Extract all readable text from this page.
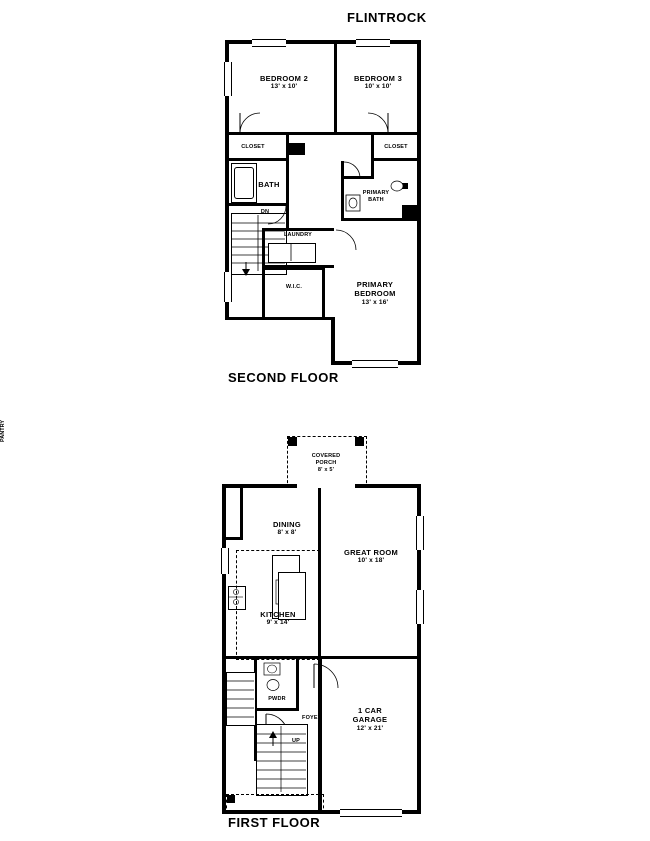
FLINTROCK
SECOND FLOOR
FIRST FLOOR
BEDROOM 2
13' x 10'
BEDROOM 3
10' x 10'
CLOSET	CLOSET
BATH
PRIMARY
BATH
DN
LAUNDRY
W.I.C.	PRIMARY
BEDROOM
13' x 16'
COVERED
PORCH
8' x 5'
PANTRY
PWDR
FOYER
UP
DINING
8' x 8'
GREAT ROOM
10' x 18'
KITCHEN
9' x 14'
1 CAR
GARAGE
12' x 21'
